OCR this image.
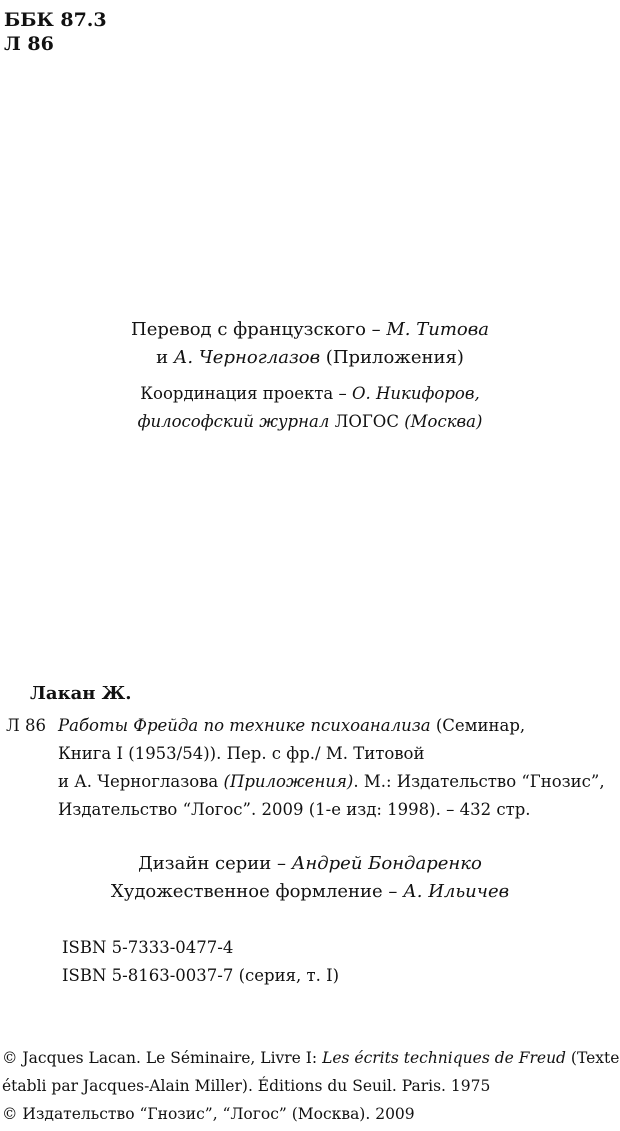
ББК 87.3
Л 86
Перевод с французского – М. Титова
и А. Черноглазов (Приложения)
Координация проекта – О. Никифоров,
философский журнал ЛОГОС (Москва)
Лакан Ж.
Л 86 Работы Фрейда по технике психоанализа (Семинар,
Книга I (1953/54)). Пер. с фр./ М. Титовой
и А. Черноглазова (Приложения). М.: Издательство “Гнозис”,
Издательство “Логос”. 2009 (1-е изд: 1998). – 432 стр.
Дизайн серии – Андрей Бондаренко
Художественное формление – А. Ильичев
ISBN 5-7333-0477-4
ISBN 5-8163-0037-7 (серия, т. I)
© Jacques Lacan. Le Séminaire, Livre I: Les écrits techniques de Freud (Texte
établi par Jacques-Alain Miller). Éditions du Seuil. Paris. 1975
© Издательство “Гнозис”, “Логос” (Москва). 2009
